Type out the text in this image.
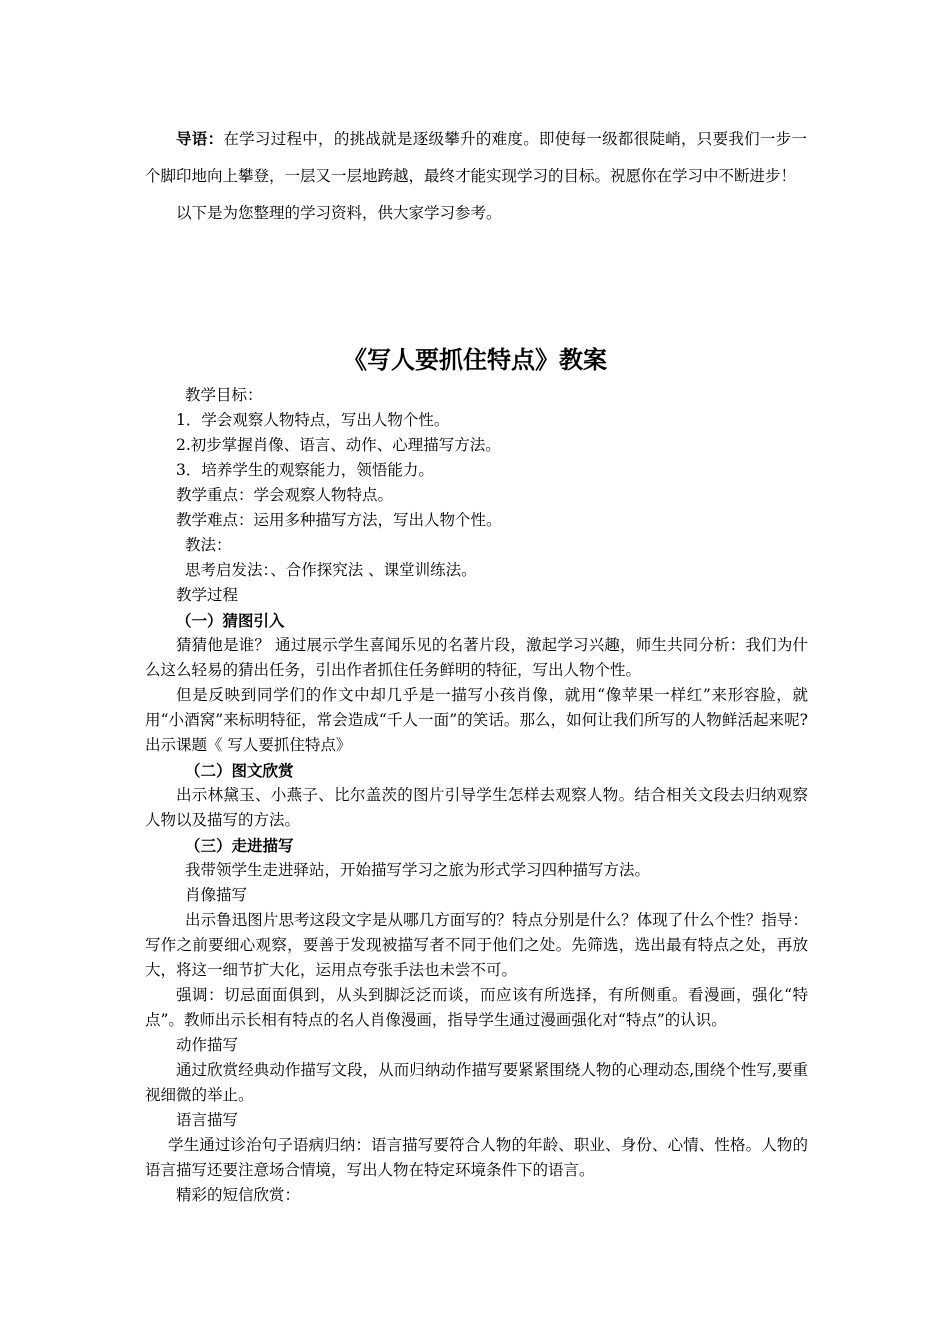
导语：在学习过程中，的挑战就是逐级攀升的难度。即使每一级都很陡峭，只要我们一步一个脚印地向上攀登，一层又一层地跨越，最终才能实现学习的目标。祝愿你在学习中不断进步！

以下是为您整理的学习资料，供大家学习参考。

《写人要抓住特点》教案

教学目标：

1．学会观察人物特点，写出人物个性。

2.初步掌握肖像、语言、动作、心理描写方法。

3．培养学生的观察能力，领悟能力。

教学重点：学会观察人物特点。

教学难点：运用多种描写方法，写出人物个性。

教法：

思考启发法：、合作探究法 、课堂训练法。

教学过程

（一）猜图引入

猜猜他是谁？ 通过展示学生喜闻乐见的名著片段，激起学习兴趣，师生共同分析：我们为什么这么轻易的猜出任务，引出作者抓住任务鲜明的特征，写出人物个性。

但是反映到同学们的作文中却几乎是一描写小孩肖像，就用“像苹果一样红”来形容脸，就用“小酒窝”来标明特征，常会造成“千人一面”的笑话。那么，如何让我们所写的人物鲜活起来呢?出示课题《 写人要抓住特点》

（二）图文欣赏

出示林黛玉、小燕子、比尔盖茨的图片引导学生怎样去观察人物。结合相关文段去归纳观察人物以及描写的方法。

（三）走进描写

我带领学生走进驿站，开始描写学习之旅为形式学习四种描写方法。

肖像描写

出示鲁迅图片思考这段文字是从哪几方面写的？特点分别是什么？体现了什么个性？指导：写作之前要细心观察，要善于发现被描写者不同于他们之处。先筛选，选出最有特点之处，再放大，将这一细节扩大化，运用点夸张手法也未尝不可。

强调：切忌面面俱到，从头到脚泛泛而谈，而应该有所选择，有所侧重。看漫画，强化“特点”。教师出示长相有特点的名人肖像漫画，指导学生通过漫画强化对“特点”的认识。

动作描写

通过欣赏经典动作描写文段，从而归纳动作描写要紧紧围绕人物的心理动态,围绕个性写,要重视细微的举止。

语言描写

学生通过诊治句子语病归纳：语言描写要符合人物的年龄、职业、身份、心情、性格。人物的语言描写还要注意场合情境，写出人物在特定环境条件下的语言。

精彩的短信欣赏：
